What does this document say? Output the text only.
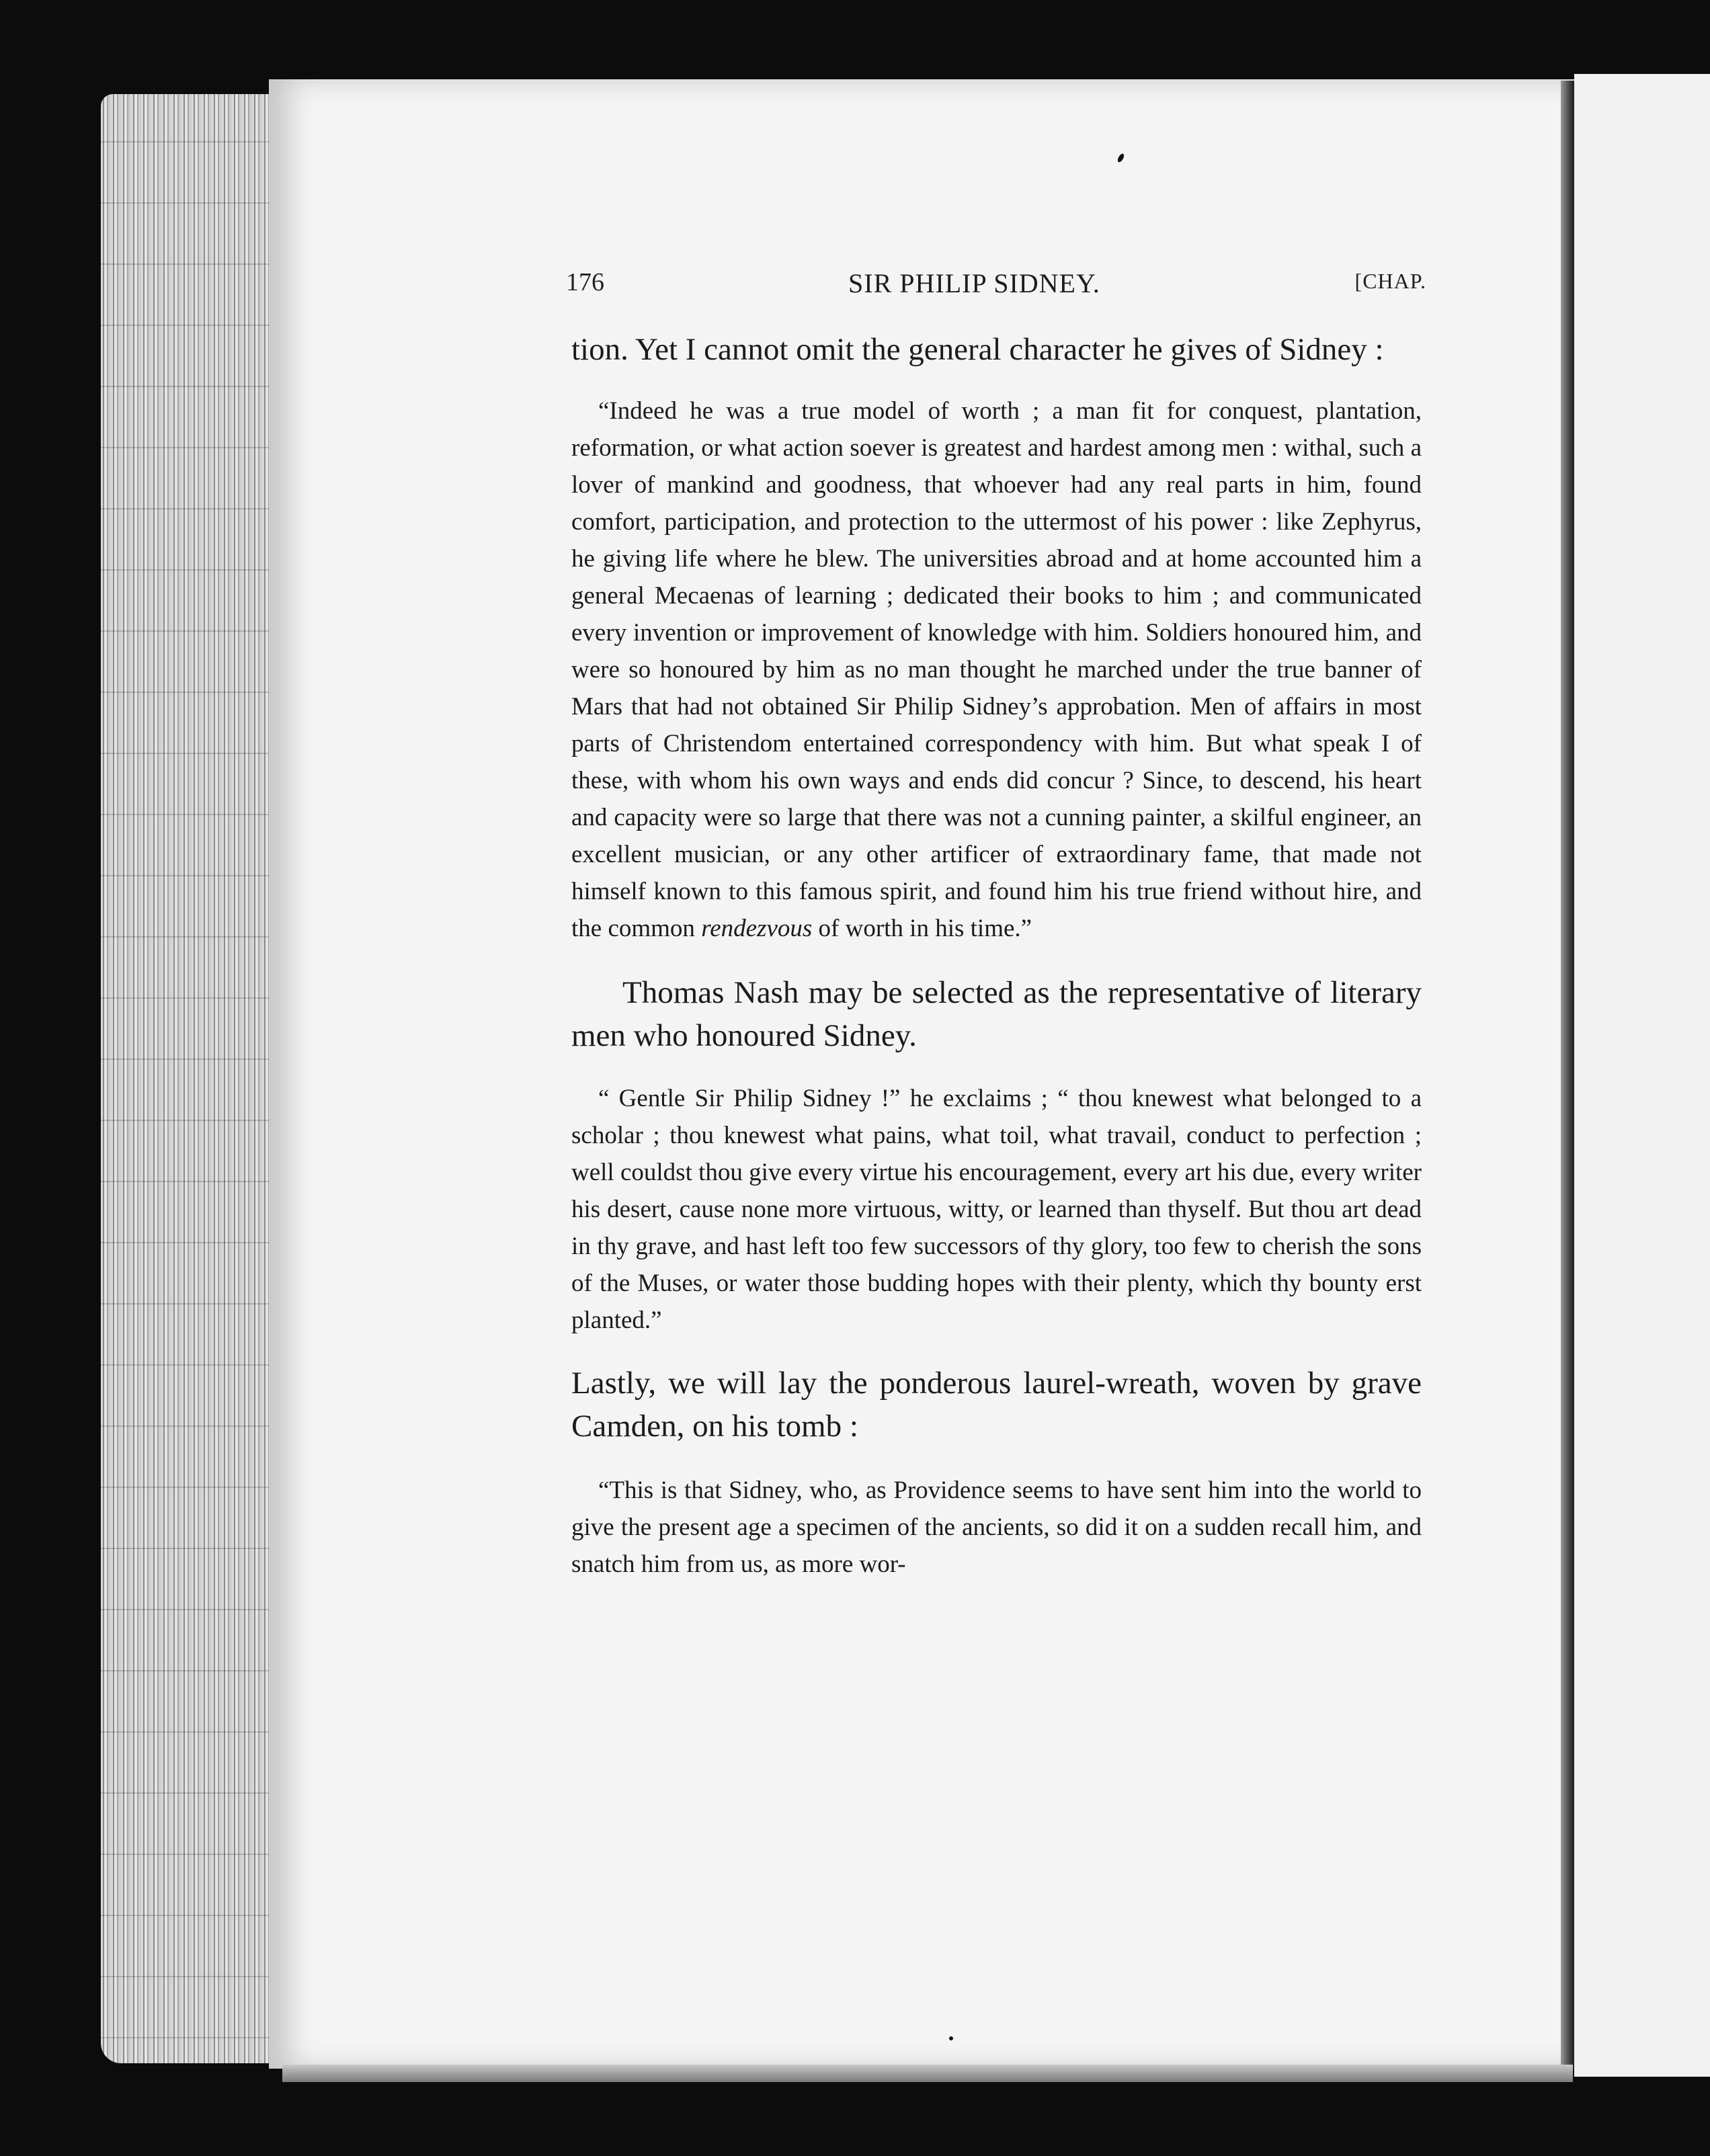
176	SIR PHILIP SIDNEY.	[CHAP.

tion. Yet I cannot omit the general character he gives of Sidney :

“Indeed he was a true model of worth ; a man fit for conquest, plantation, reformation, or what action soever is greatest and hardest among men : withal, such a lover of mankind and goodness, that whoever had any real parts in him, found comfort, participation, and protection to the uttermost of his power : like Zephyrus, he giving life where he blew. The universities abroad and at home accounted him a general Mecaenas of learning ; dedicated their books to him ; and communicated every invention or improvement of knowledge with him. Soldiers honoured him, and were so honoured by him as no man thought he marched under the true banner of Mars that had not obtained Sir Philip Sidney’s approbation. Men of affairs in most parts of Christendom entertained correspondency with him. But what speak I of these, with whom his own ways and ends did concur ? Since, to descend, his heart and capacity were so large that there was not a cunning painter, a skilful engineer, an excellent musician, or any other artificer of extraordinary fame, that made not himself known to this famous spirit, and found him his true friend without hire, and the common rendezvous of worth in his time.”

Thomas Nash may be selected as the representative of literary men who honoured Sidney.

“ Gentle Sir Philip Sidney !” he exclaims ; “ thou knewest what belonged to a scholar ; thou knewest what pains, what toil, what travail, conduct to perfection ; well couldst thou give every virtue his encouragement, every art his due, every writer his desert, cause none more virtuous, witty, or learned than thyself. But thou art dead in thy grave, and hast left too few successors of thy glory, too few to cherish the sons of the Muses, or water those budding hopes with their plenty, which thy bounty erst planted.”

Lastly, we will lay the ponderous laurel-wreath, woven by grave Camden, on his tomb :

“This is that Sidney, who, as Providence seems to have sent him into the world to give the present age a specimen of the ancients, so did it on a sudden recall him, and snatch him from us, as more wor-
